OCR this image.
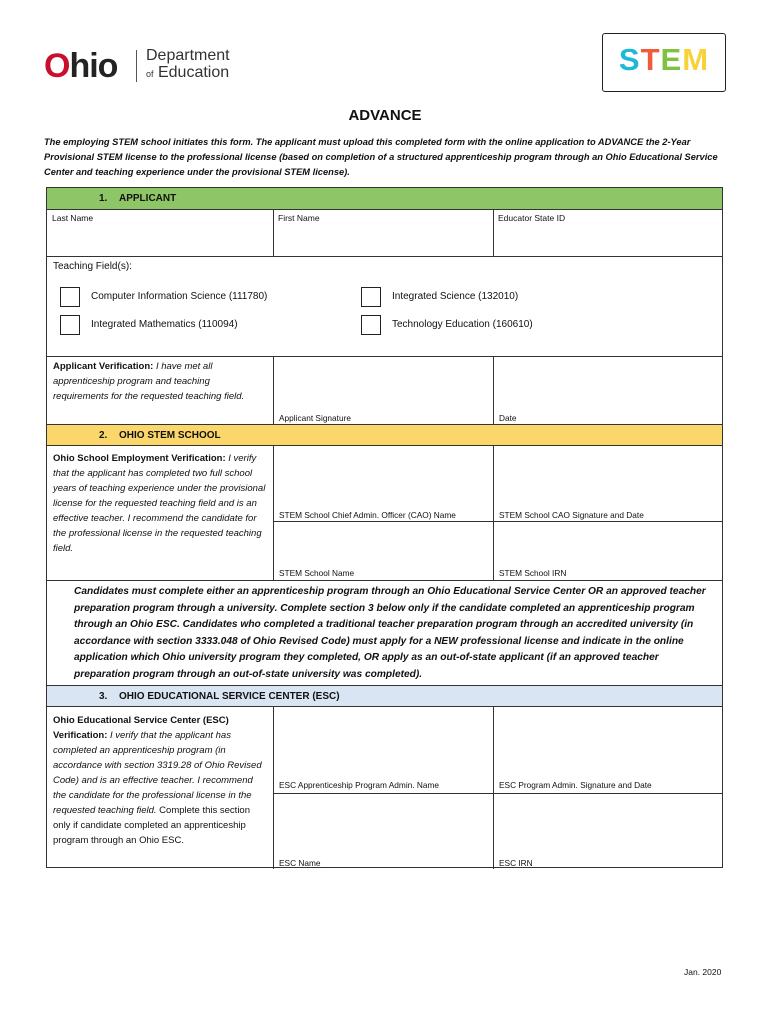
Ohio Department
of Education	STEM
ADVANCE
The employing STEM school initiates this form. The applicant must upload this completed form with the online application to ADVANCE the 2-Year Provisional STEM license to the professional license (based on completion of a structured apprenticeship program through an Ohio Educational Service Center and teaching experience under the provisional STEM license).
1. APPLICANT
Last Name	First Name	Educator State ID
Teaching Field(s):
Computer Information Science (111780)	Integrated Science (132010)
Integrated Mathematics (110094)	Technology Education (160610)
Applicant Verification: I have met all apprenticeship program and teaching requirements for the requested teaching field.
Applicant Signature	Date
2. OHIO STEM SCHOOL
Ohio School Employment Verification: I verify that the applicant has completed two full school years of teaching experience under the provisional license for the requested teaching field and is an effective teacher. I recommend the candidate for the professional license in the requested teaching field.
STEM School Chief Admin. Officer (CAO) Name	STEM School CAO Signature and Date
STEM School Name	STEM School IRN
3. OHIO EDUCATIONAL SERVICE CENTER (ESC)
Ohio Educational Service Center (ESC) Verification: I verify that the applicant has completed an apprenticeship program (in accordance with section 3319.28 of Ohio Revised Code) and is an effective teacher. I recommend the candidate for the professional license in the requested teaching field. Complete this section only if candidate completed an apprenticeship program through an Ohio ESC.
ESC Apprenticeship Program Admin. Name	ESC Program Admin. Signature and Date
ESC Name	ESC IRN
Candidates must complete either an apprenticeship program through an Ohio Educational Service Center OR an approved teacher preparation program through a university. Complete section 3 below only if the candidate completed an apprenticeship program through an Ohio ESC. Candidates who completed a traditional teacher preparation program through an accredited university (in accordance with section 3333.048 of Ohio Revised Code) must apply for a NEW professional license and indicate in the online application which Ohio university program they completed, OR apply as an out-of-state applicant (if an approved teacher preparation program through an out-of-state university was completed).
Jan. 2020
